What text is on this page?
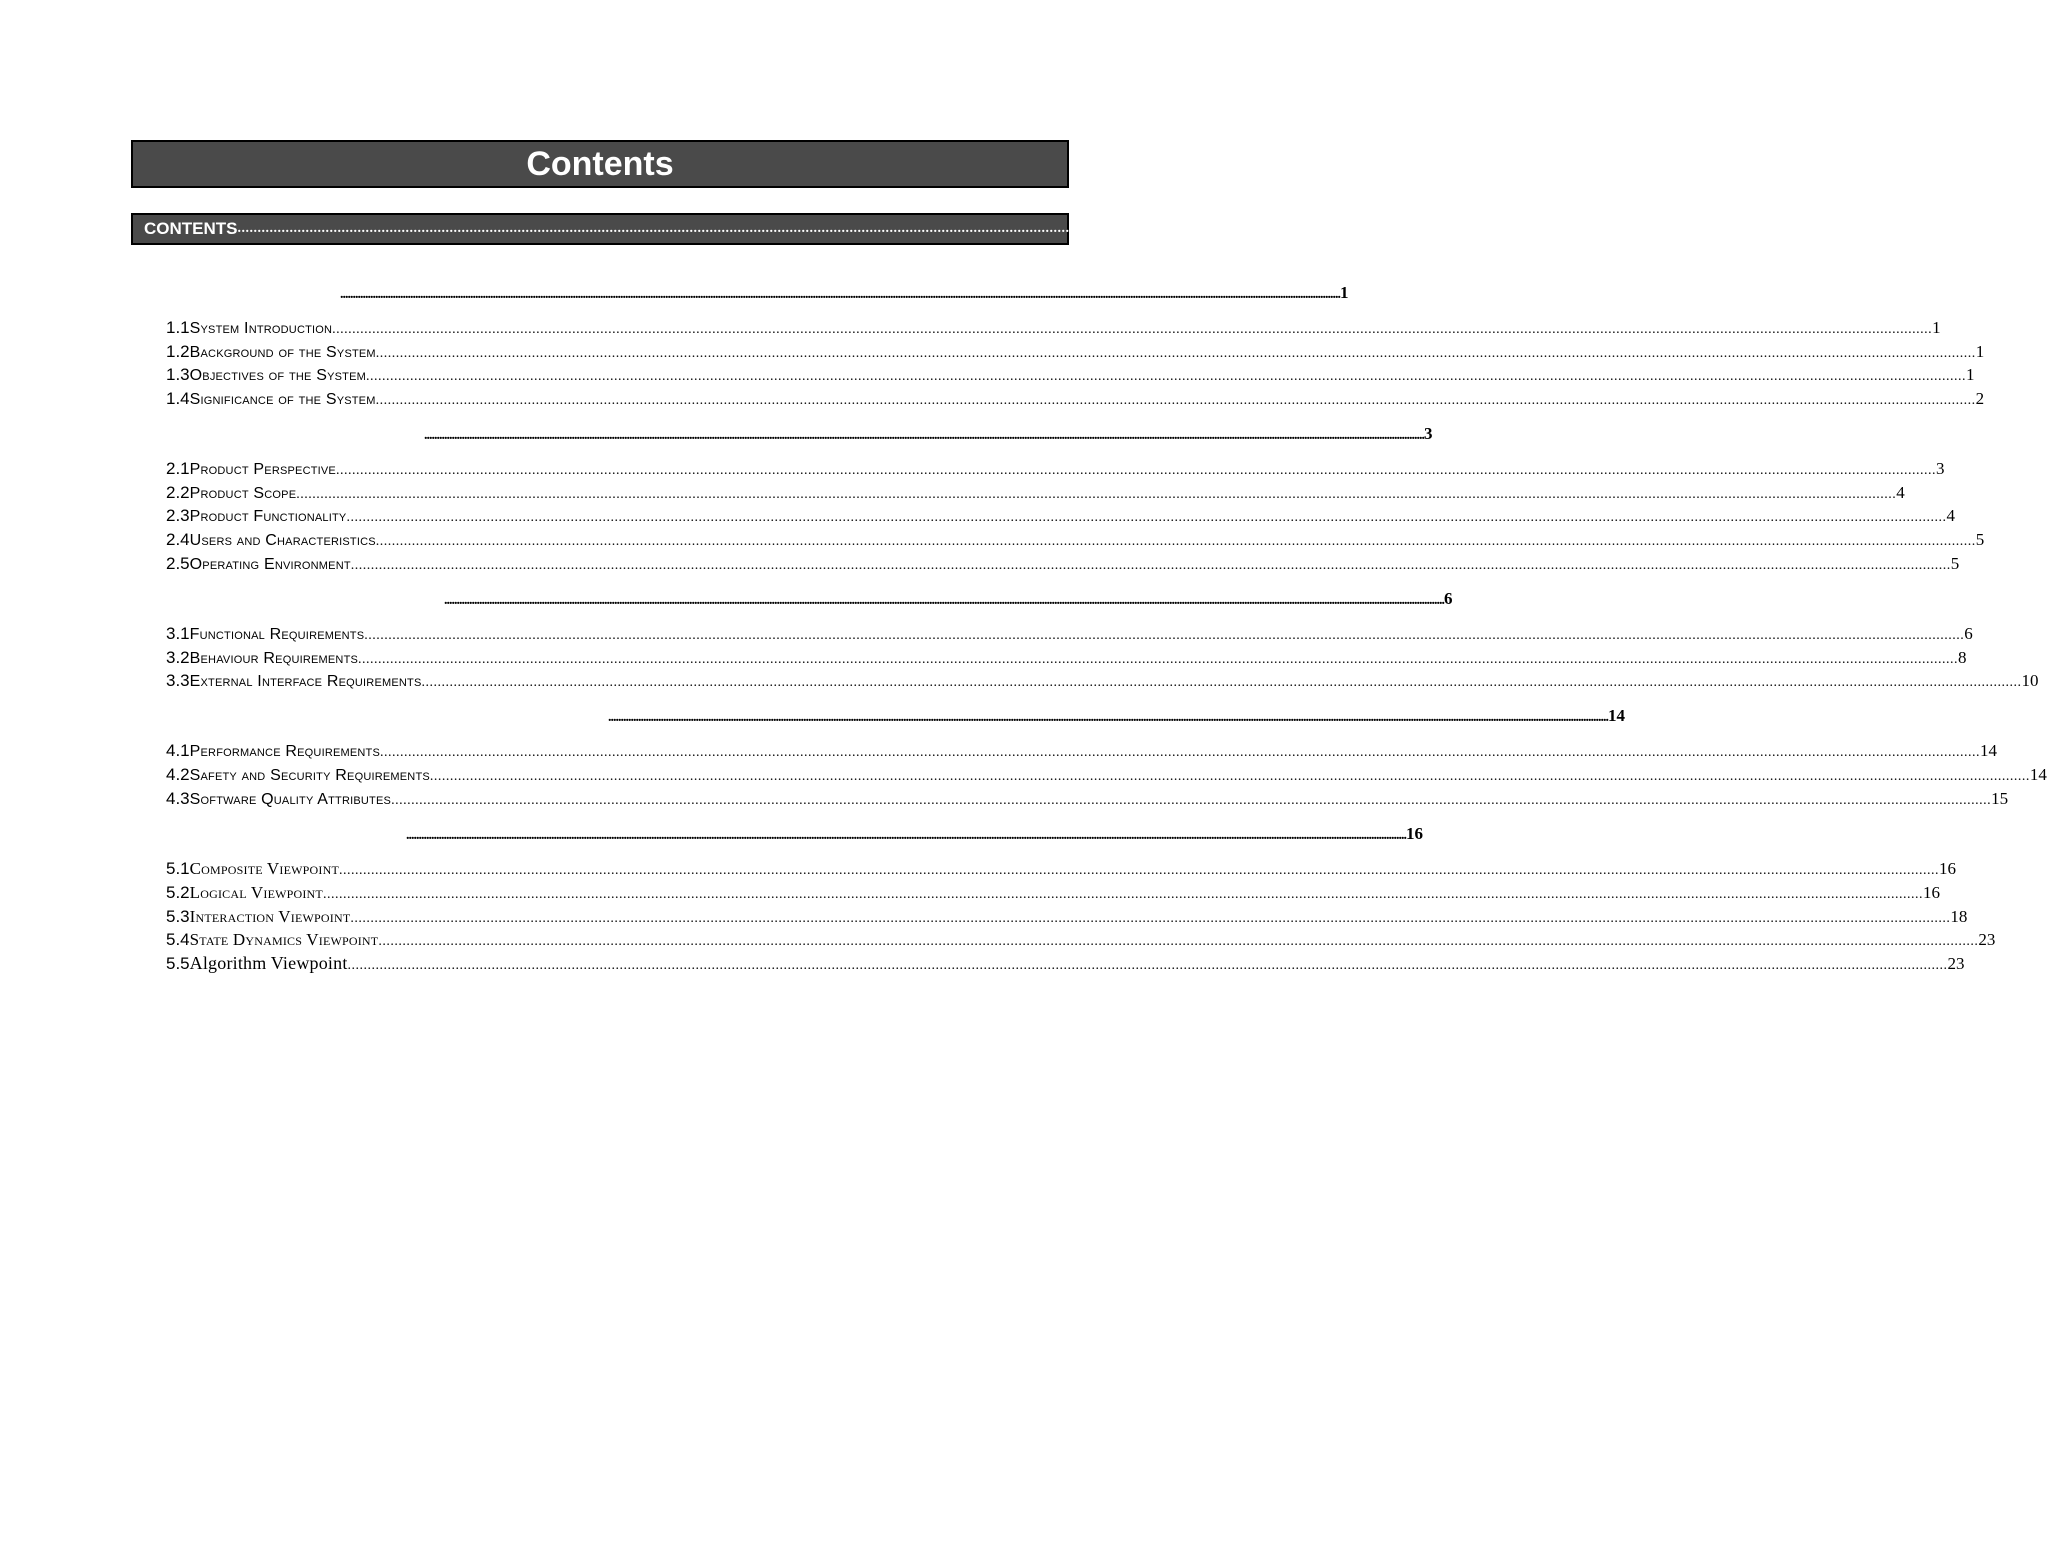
Contents
CONTENTS ................................................................................................................................................................................................................................................................................................................................................................................................................ I
................................................................................................................................................................................................................................................................................................................................................................................................................ 1
1.1 System Introduction ................................................................................................................................................................................................................................................................................................................................................................................................................ 1
1.2 Background of the System ................................................................................................................................................................................................................................................................................................................................................................................................................ 1
1.3 Objectives of the System ................................................................................................................................................................................................................................................................................................................................................................................................................ 1
1.4 Significance of the System ................................................................................................................................................................................................................................................................................................................................................................................................................ 2
................................................................................................................................................................................................................................................................................................................................................................................................................ 3
2.1 Product Perspective ................................................................................................................................................................................................................................................................................................................................................................................................................ 3
2.2 Product Scope ................................................................................................................................................................................................................................................................................................................................................................................................................ 4
2.3 Product Functionality ................................................................................................................................................................................................................................................................................................................................................................................................................ 4
2.4 Users and Characteristics ................................................................................................................................................................................................................................................................................................................................................................................................................ 5
2.5 Operating Environment ................................................................................................................................................................................................................................................................................................................................................................................................................ 5
................................................................................................................................................................................................................................................................................................................................................................................................................ 6
3.1 Functional Requirements ................................................................................................................................................................................................................................................................................................................................................................................................................ 6
3.2 Behaviour Requirements ................................................................................................................................................................................................................................................................................................................................................................................................................ 8
3.3 External Interface Requirements ................................................................................................................................................................................................................................................................................................................................................................................................................ 10
................................................................................................................................................................................................................................................................................................................................................................................................................ 14
4.1 Performance Requirements ................................................................................................................................................................................................................................................................................................................................................................................................................ 14
4.2 Safety and Security Requirements ................................................................................................................................................................................................................................................................................................................................................................................................................ 14
4.3 Software Quality Attributes ................................................................................................................................................................................................................................................................................................................................................................................................................ 15
................................................................................................................................................................................................................................................................................................................................................................................................................ 16
5.1 Composite Viewpoint ................................................................................................................................................................................................................................................................................................................................................................................................................ 16
5.2 Logical Viewpoint ................................................................................................................................................................................................................................................................................................................................................................................................................ 16
5.3 Interaction Viewpoint ................................................................................................................................................................................................................................................................................................................................................................................................................ 18
5.4 State Dynamics Viewpoint ................................................................................................................................................................................................................................................................................................................................................................................................................ 23
5.5 Algorithm Viewpoint ................................................................................................................................................................................................................................................................................................................................................................................................................ 23
